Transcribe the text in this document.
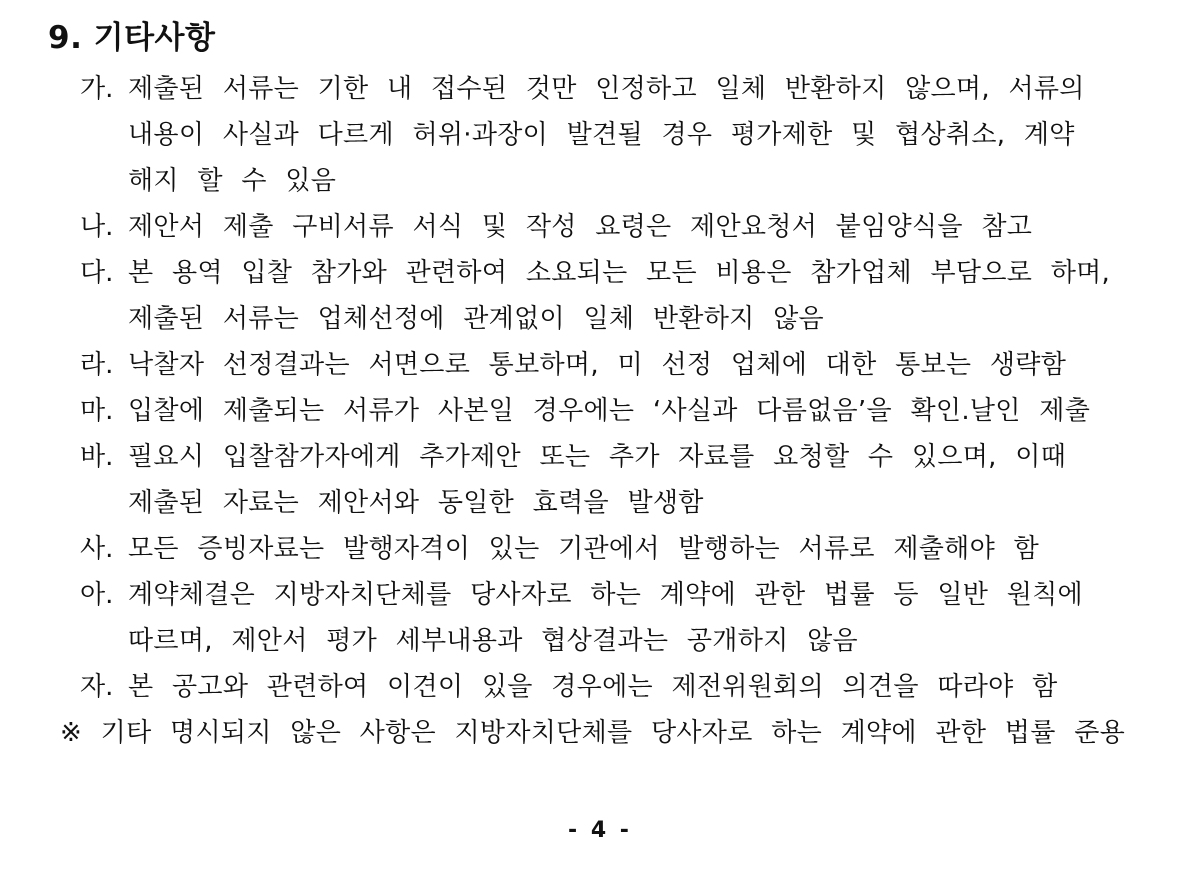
9. 기타사항
가. 제출된 서류는 기한 내 접수된 것만 인정하고 일체 반환하지 않으며, 서류의
내용이 사실과 다르게 허위·과장이 발견될 경우 평가제한 및 협상취소, 계약
해지 할 수 있음
나. 제안서 제출 구비서류 서식 및 작성 요령은 제안요청서 붙임양식을 참고
다. 본 용역 입찰 참가와 관련하여 소요되는 모든 비용은 참가업체 부담으로 하며,
제출된 서류는 업체선정에 관계없이 일체 반환하지 않음
라. 낙찰자 선정결과는 서면으로 통보하며, 미 선정 업체에 대한 통보는 생략함
마. 입찰에 제출되는 서류가 사본일 경우에는 ‘사실과 다름없음’을 확인.날인 제출
바. 필요시 입찰참가자에게 추가제안 또는 추가 자료를 요청할 수 있으며, 이때
제출된 자료는 제안서와 동일한 효력을 발생함
사. 모든 증빙자료는 발행자격이 있는 기관에서 발행하는 서류로 제출해야 함
아. 계약체결은 지방자치단체를 당사자로 하는 계약에 관한 법률 등 일반 원칙에
따르며, 제안서 평가 세부내용과 협상결과는 공개하지 않음
자. 본 공고와 관련하여 이견이 있을 경우에는 제전위원회의 의견을 따라야 함
※ 기타 명시되지 않은 사항은 지방자치단체를 당사자로 하는 계약에 관한 법률 준용
- 4 -
